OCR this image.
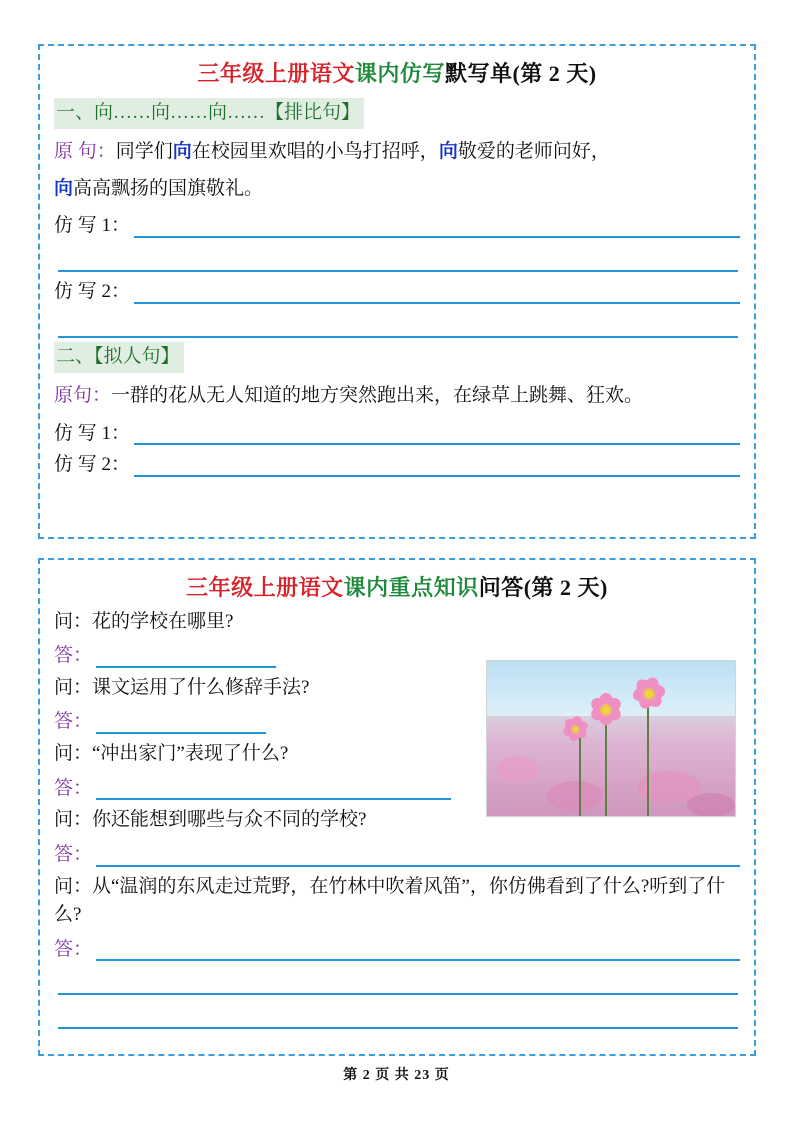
三年级上册语文课内仿写默写单(第 2 天)
一、向……向……向……【排比句】
原 句：同学们向在校园里欢唱的小鸟打招呼，向敬爱的老师问好，
向高高飘扬的国旗敬礼。
仿 写 1：
仿 写 2：
二、【拟人句】
原句：一群的花从无人知道的地方突然跑出来，在绿草上跳舞、狂欢。
仿 写 1：
仿 写 2：
三年级上册语文课内重点知识问答(第 2 天)
问：花的学校在哪里?
答：
问：课文运用了什么修辞手法?
答：
问：“冲出家门”表现了什么?
答：
问：你还能想到哪些与众不同的学校?
答：
问：从“温润的东风走过荒野，在竹林中吹着风笛”，你仿佛看到了什么?听到了什么?
答：
第 2 页 共 23 页
